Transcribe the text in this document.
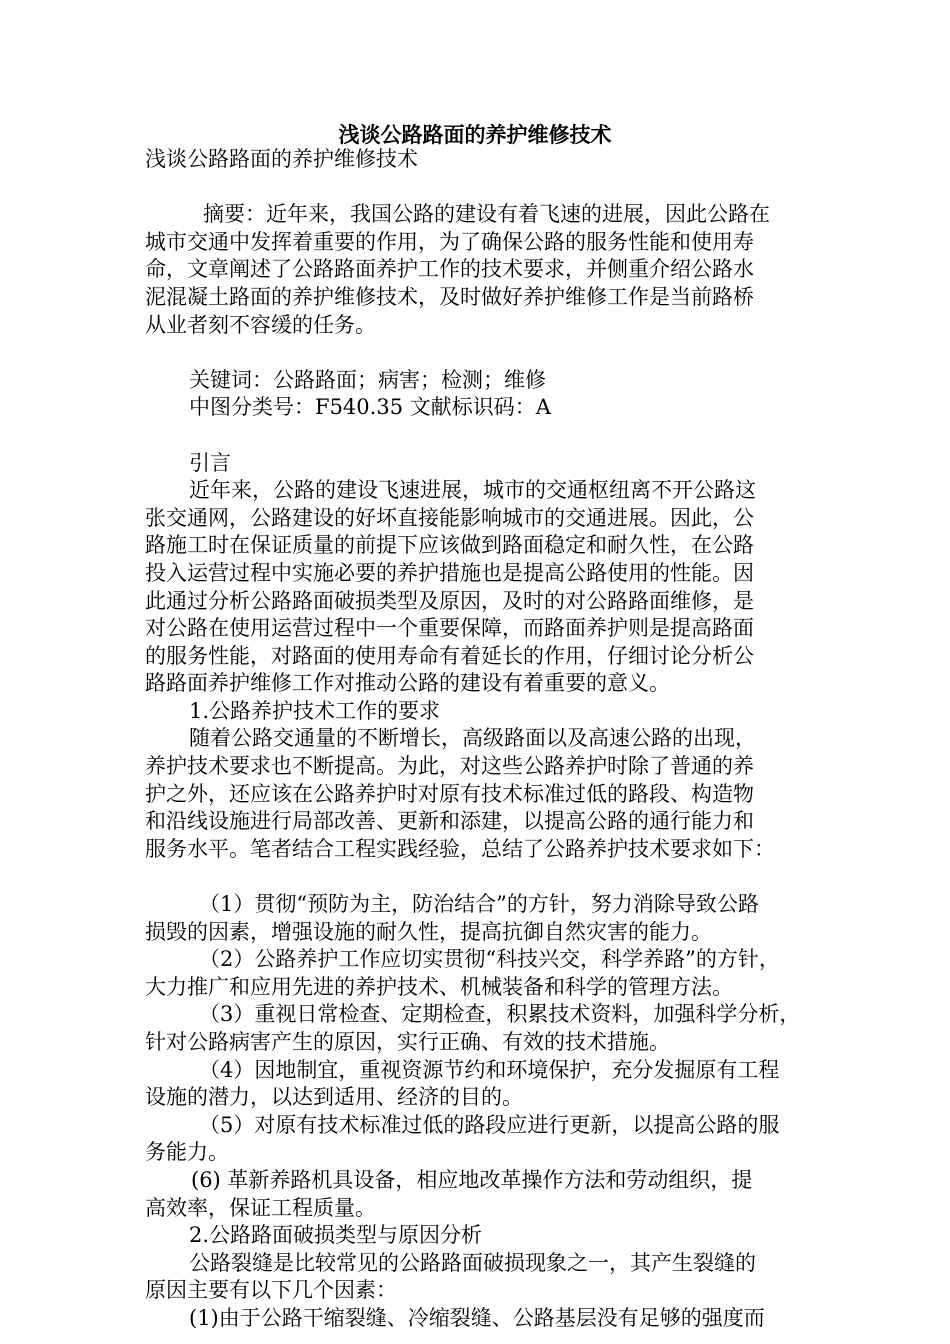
浅谈公路路面的养护维修技术

浅谈公路路面的养护维修技术

摘要：近年来，我国公路的建设有着飞速的进展，因此公路在

城市交通中发挥着重要的作用，为了确保公路的服务性能和使用寿

命，文章阐述了公路路面养护工作的技术要求，并侧重介绍公路水

泥混凝土路面的养护维修技术，及时做好养护维修工作是当前路桥

从业者刻不容缓的任务。

关键词：公路路面；病害；检测；维修

中图分类号：F540.35 文献标识码：A

引言

近年来，公路的建设飞速进展，城市的交通枢纽离不开公路这

张交通网，公路建设的好坏直接能影响城市的交通进展。因此，公

路施工时在保证质量的前提下应该做到路面稳定和耐久性，在公路

投入运营过程中实施必要的养护措施也是提高公路使用的性能。因

此通过分析公路路面破损类型及原因，及时的对公路路面维修，是

对公路在使用运营过程中一个重要保障，而路面养护则是提高路面

的服务性能，对路面的使用寿命有着延长的作用，仔细讨论分析公

路路面养护维修工作对推动公路的建设有着重要的意义。

1.公路养护技术工作的要求

随着公路交通量的不断增长，高级路面以及高速公路的出现，

养护技术要求也不断提高。为此，对这些公路养护时除了普通的养

护之外，还应该在公路养护时对原有技术标准过低的路段、构造物

和沿线设施进行局部改善、更新和添建，以提高公路的通行能力和

服务水平。笔者结合工程实践经验，总结了公路养护技术要求如下：

（1）贯彻“预防为主，防治结合”的方针，努力消除导致公路

损毁的因素，增强设施的耐久性，提高抗御自然灾害的能力。

（2）公路养护工作应切实贯彻“科技兴交，科学养路”的方针，

大力推广和应用先进的养护技术、机械装备和科学的管理方法。

（3）重视日常检查、定期检查，积累技术资料，加强科学分析，

针对公路病害产生的原因，实行正确、有效的技术措施。

（4）因地制宜，重视资源节约和环境保护，充分发掘原有工程

设施的潜力，以达到适用、经济的目的。

（5）对原有技术标准过低的路段应进行更新，以提高公路的服

务能力。

(6) 革新养路机具设备，相应地改革操作方法和劳动组织，提

高效率，保证工程质量。

2.公路路面破损类型与原因分析

公路裂缝是比较常见的公路路面破损现象之一，其产生裂缝的

原因主要有以下几个因素：

(1)由于公路干缩裂缝、冷缩裂缝、公路基层没有足够的强度而
